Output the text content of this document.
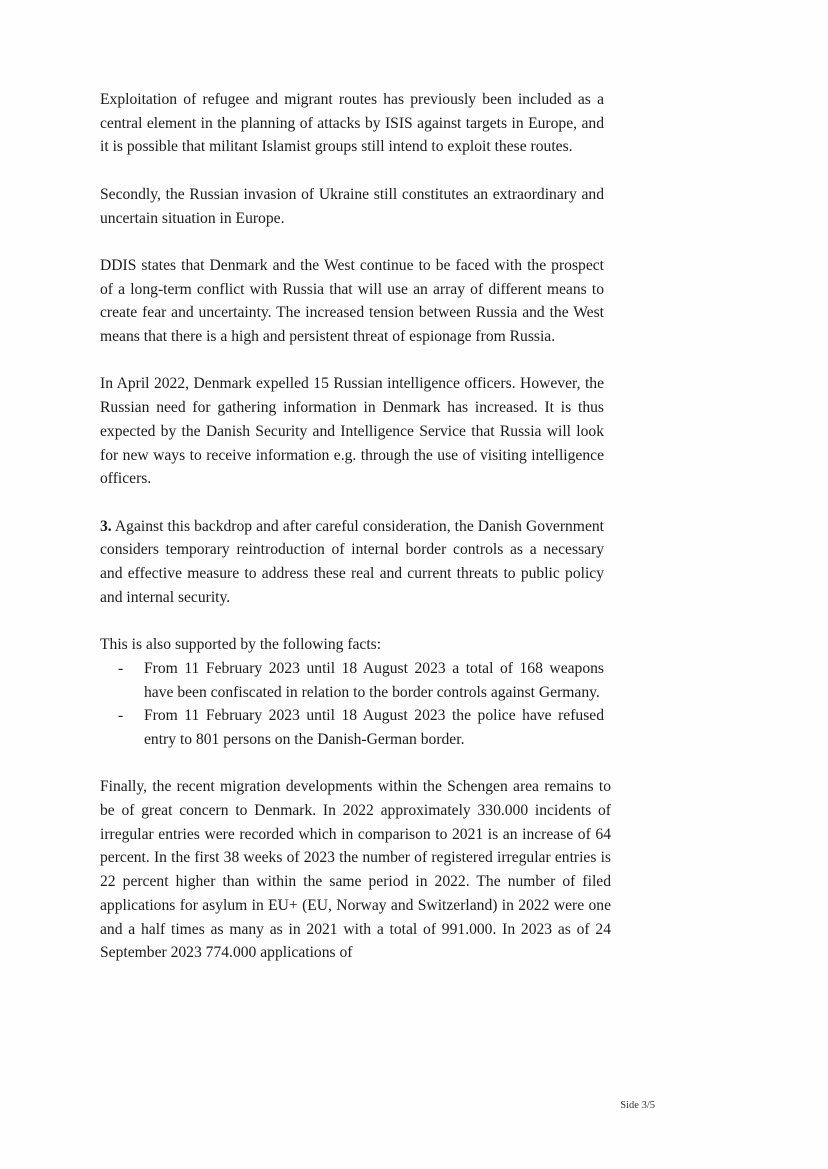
Exploitation of refugee and migrant routes has previously been included as a central element in the planning of attacks by ISIS against targets in Europe, and it is possible that militant Islamist groups still intend to exploit these routes.

Secondly, the Russian invasion of Ukraine still constitutes an extraordinary and uncertain situation in Europe.

DDIS states that Denmark and the West continue to be faced with the prospect of a long-term conflict with Russia that will use an array of different means to create fear and uncertainty. The increased tension between Russia and the West means that there is a high and persistent threat of espionage from Russia.

In April 2022, Denmark expelled 15 Russian intelligence officers. However, the Russian need for gathering information in Denmark has increased. It is thus expected by the Danish Security and Intelligence Service that Russia will look for new ways to receive information e.g. through the use of visiting intelligence officers.

3. Against this backdrop and after careful consideration, the Danish Government considers temporary reintroduction of internal border controls as a necessary and effective measure to address these real and current threats to public policy and internal security.

This is also supported by the following facts:

- From 11 February 2023 until 18 August 2023 a total of 168 weapons have been confiscated in relation to the border controls against Germany.
- From 11 February 2023 until 18 August 2023 the police have refused entry to 801 persons on the Danish-German border.

Finally, the recent migration developments within the Schengen area remains to be of great concern to Denmark. In 2022 approximately 330.000 incidents of irregular entries were recorded which in comparison to 2021 is an increase of 64 percent. In the first 38 weeks of 2023 the number of registered irregular entries is 22 percent higher than within the same period in 2022. The number of filed applications for asylum in EU+ (EU, Norway and Switzerland) in 2022 were one and a half times as many as in 2021 with a total of 991.000. In 2023 as of 24 September 2023 774.000 applications of

Side 3/5
